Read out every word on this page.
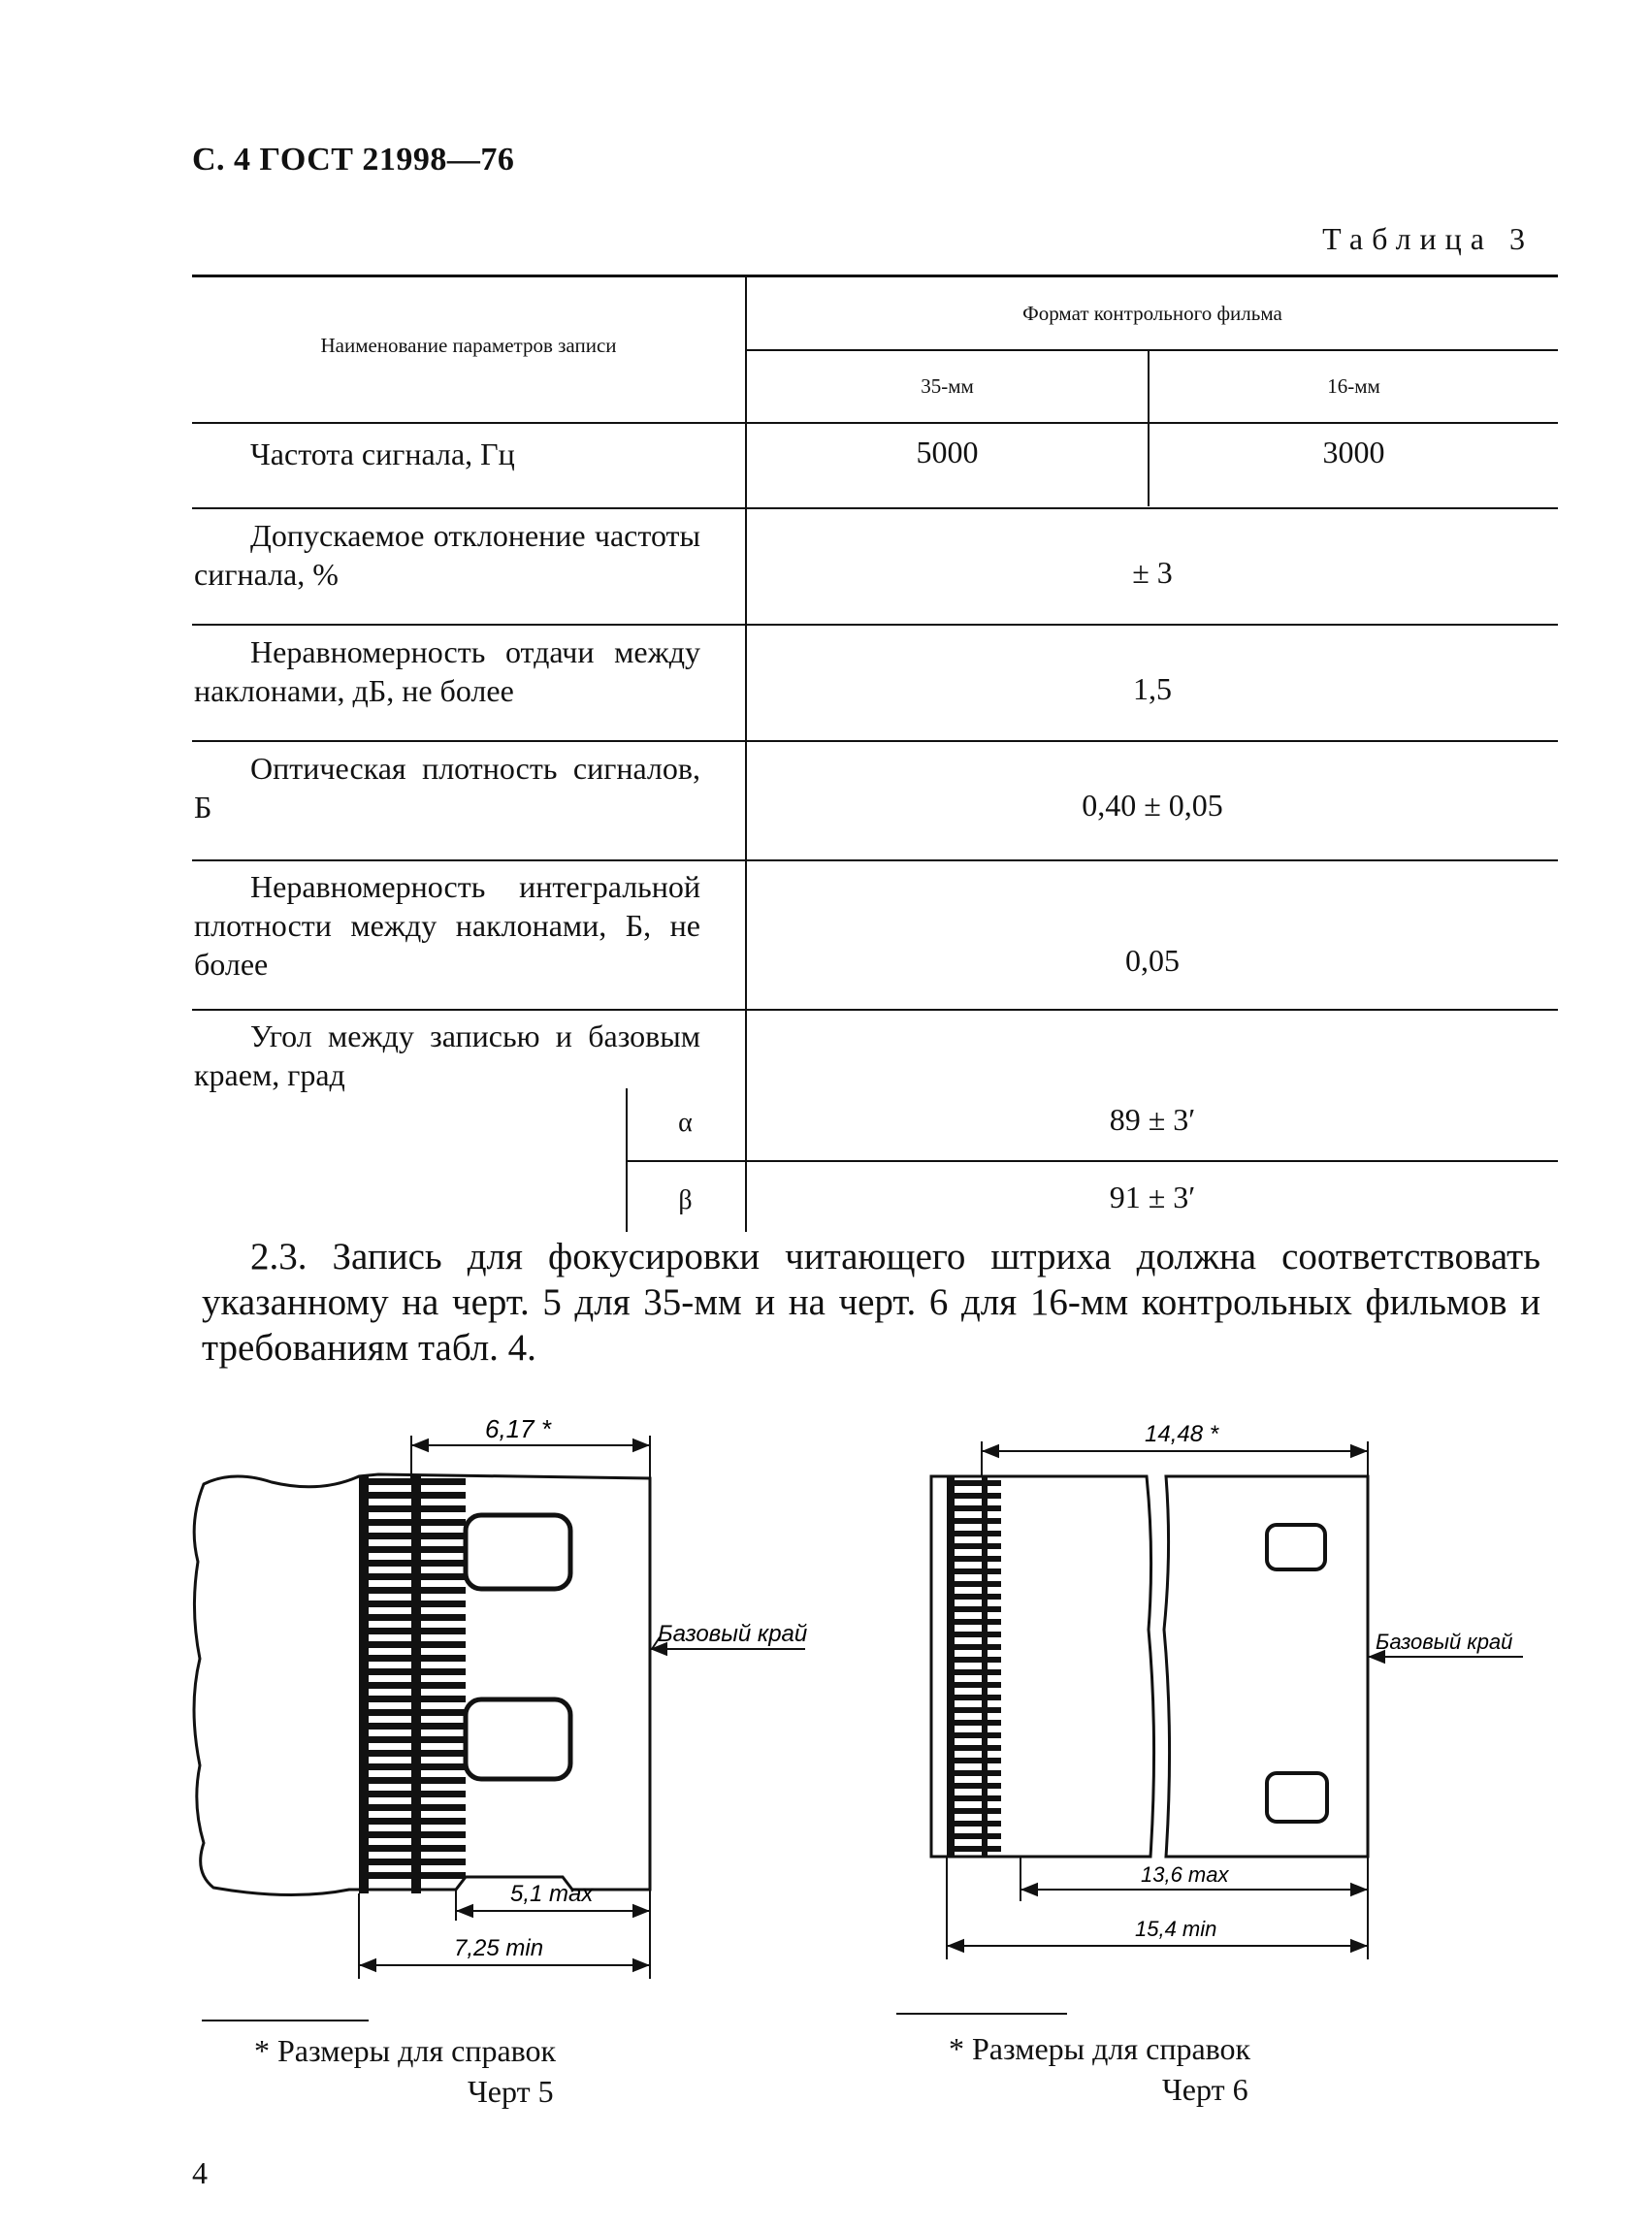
С. 4 ГОСТ 21998—76
Таблица 3
Наименование параметров записи
Формат контрольного фильма
35-мм	16-мм
Частота сигнала, Гц	5000	3000
Допускаемое отклонение частоты сигнала, %	± 3
Неравномерность отдачи между наклонами, дБ, не более	1,5
Оптическая плотность сигналов, Б	0,40 ± 0,05
Неравномерность интегральной плотности между наклонами, Б, не более	0,05
Угол между записью и базовым краем, град
α	89 ± 3′
β	91 ± 3′
2.3. Запись для фокусировки читающего штриха должна соответствовать указанному на черт. 5 для 35-мм и на черт. 6 для 16-мм контрольных фильмов и требованиям табл. 4.
6,17 *
Базовый край
5,1 max
7,25 min
14,48 *
Базовый край
13,6 max
15,4 min
* Размеры для справок
Черт 5
* Размеры для справок
Черт 6
4
